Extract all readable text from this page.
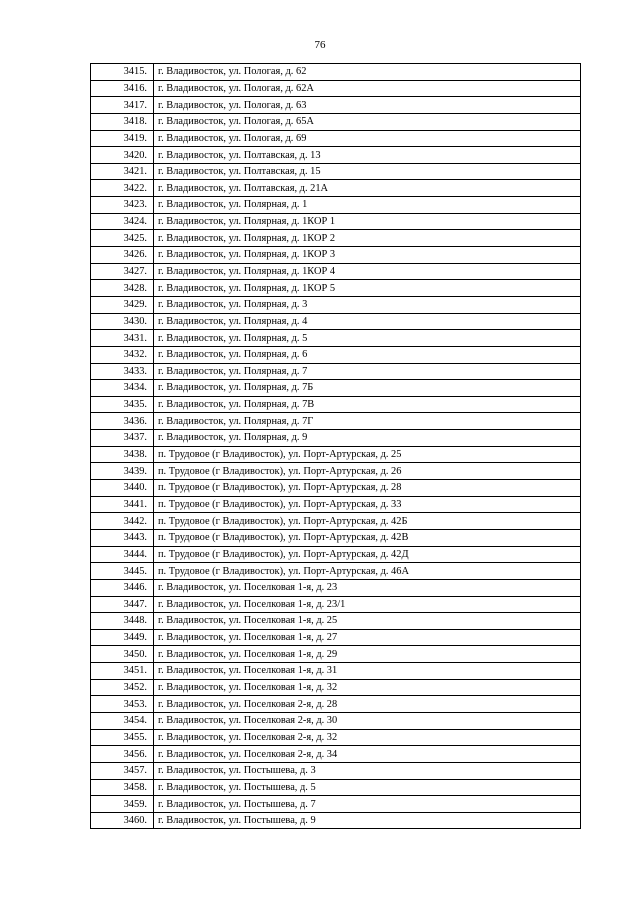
76
3415.	г. Владивосток, ул. Пологая, д. 62
3416.	г. Владивосток, ул. Пологая, д. 62А
3417.	г. Владивосток, ул. Пологая, д. 63
3418.	г. Владивосток, ул. Пологая, д. 65А
3419.	г. Владивосток, ул. Пологая, д. 69
3420.	г. Владивосток, ул. Полтавская, д. 13
3421.	г. Владивосток, ул. Полтавская, д. 15
3422.	г. Владивосток, ул. Полтавская, д. 21А
3423.	г. Владивосток, ул. Полярная, д. 1
3424.	г. Владивосток, ул. Полярная, д. 1КОР 1
3425.	г. Владивосток, ул. Полярная, д. 1КОР 2
3426.	г. Владивосток, ул. Полярная, д. 1КОР 3
3427.	г. Владивосток, ул. Полярная, д. 1КОР 4
3428.	г. Владивосток, ул. Полярная, д. 1КОР 5
3429.	г. Владивосток, ул. Полярная, д. 3
3430.	г. Владивосток, ул. Полярная, д. 4
3431.	г. Владивосток, ул. Полярная, д. 5
3432.	г. Владивосток, ул. Полярная, д. 6
3433.	г. Владивосток, ул. Полярная, д. 7
3434.	г. Владивосток, ул. Полярная, д. 7Б
3435.	г. Владивосток, ул. Полярная, д. 7В
3436.	г. Владивосток, ул. Полярная, д. 7Г
3437.	г. Владивосток, ул. Полярная, д. 9
3438.	п. Трудовое (г Владивосток), ул. Порт-Артурская, д. 25
3439.	п. Трудовое (г Владивосток), ул. Порт-Артурская, д. 26
3440.	п. Трудовое (г Владивосток), ул. Порт-Артурская, д. 28
3441.	п. Трудовое (г Владивосток), ул. Порт-Артурская, д. 33
3442.	п. Трудовое (г Владивосток), ул. Порт-Артурская, д. 42Б
3443.	п. Трудовое (г Владивосток), ул. Порт-Артурская, д. 42В
3444.	п. Трудовое (г Владивосток), ул. Порт-Артурская, д. 42Д
3445.	п. Трудовое (г Владивосток), ул. Порт-Артурская, д. 46А
3446.	г. Владивосток, ул. Поселковая 1-я, д. 23
3447.	г. Владивосток, ул. Поселковая 1-я, д. 23/1
3448.	г. Владивосток, ул. Поселковая 1-я, д. 25
3449.	г. Владивосток, ул. Поселковая 1-я, д. 27
3450.	г. Владивосток, ул. Поселковая 1-я, д. 29
3451.	г. Владивосток, ул. Поселковая 1-я, д. 31
3452.	г. Владивосток, ул. Поселковая 1-я, д. 32
3453.	г. Владивосток, ул. Поселковая 2-я, д. 28
3454.	г. Владивосток, ул. Поселковая 2-я, д. 30
3455.	г. Владивосток, ул. Поселковая 2-я, д. 32
3456.	г. Владивосток, ул. Поселковая 2-я, д. 34
3457.	г. Владивосток, ул. Постышева, д. 3
3458.	г. Владивосток, ул. Постышева, д. 5
3459.	г. Владивосток, ул. Постышева, д. 7
3460.	г. Владивосток, ул. Постышева, д. 9
